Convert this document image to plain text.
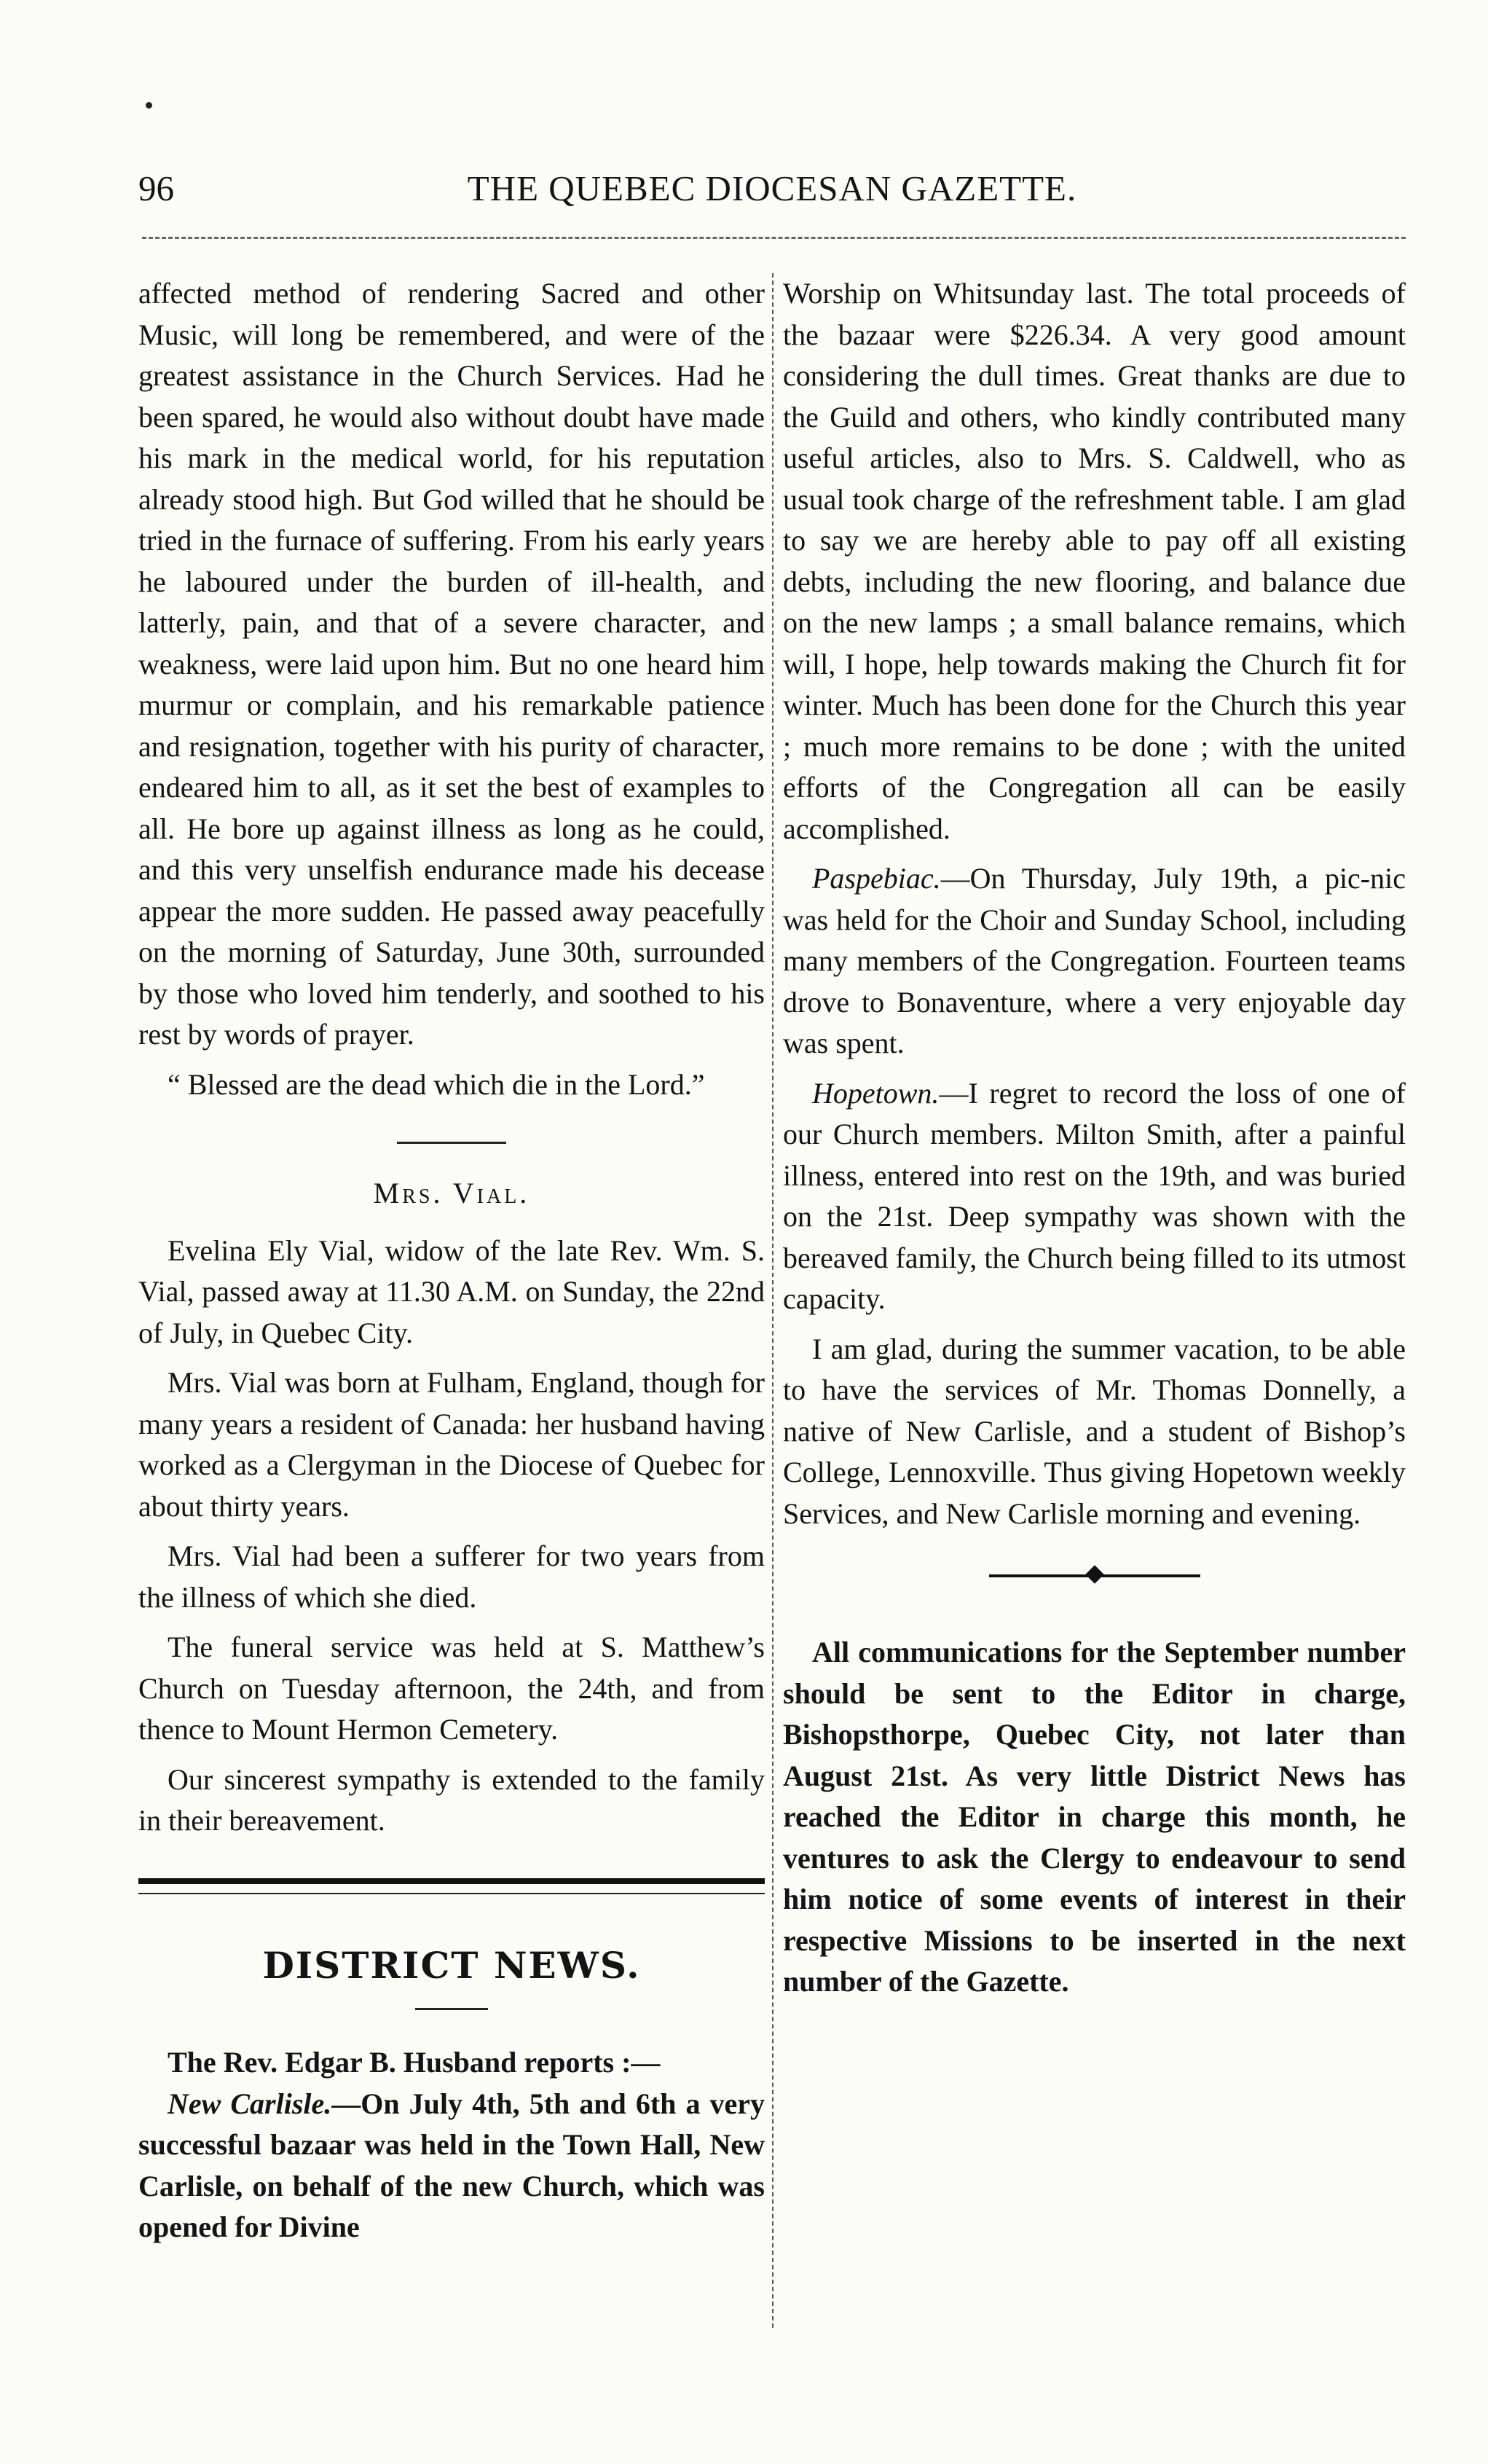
96	THE QUEBEC DIOCESAN GAZETTE.

affected method of rendering Sacred and other Music, will long be remembered, and were of the greatest assistance in the Church Services. Had he been spared, he would also without doubt have made his mark in the medical world, for his reputation already stood high. But God willed that he should be tried in the furnace of suffering. From his early years he laboured under the burden of ill-health, and latterly, pain, and that of a severe character, and weakness, were laid upon him. But no one heard him murmur or complain, and his remarkable patience and resignation, together with his purity of character, endeared him to all, as it set the best of examples to all. He bore up against illness as long as he could, and this very unselfish endurance made his decease appear the more sudden. He passed away peacefully on the morning of Saturday, June 30th, surrounded by those who loved him tenderly, and soothed to his rest by words of prayer.

“ Blessed are the dead which die in the Lord.”

Mrs. Vial.

Evelina Ely Vial, widow of the late Rev. Wm. S. Vial, passed away at 11.30 A.M. on Sunday, the 22nd of July, in Quebec City.

Mrs. Vial was born at Fulham, England, though for many years a resident of Canada: her husband having worked as a Clergyman in the Diocese of Quebec for about thirty years.

Mrs. Vial had been a sufferer for two years from the illness of which she died.

The funeral service was held at S. Matthew’s Church on Tuesday afternoon, the 24th, and from thence to Mount Hermon Cemetery.

Our sincerest sympathy is extended to the family in their bereavement.

DISTRICT NEWS.

The Rev. Edgar B. Husband reports :—

New Carlisle.—On July 4th, 5th and 6th a very successful bazaar was held in the Town Hall, New Carlisle, on behalf of the new Church, which was opened for Divine

Worship on Whitsunday last. The total proceeds of the bazaar were $226.34. A very good amount considering the dull times. Great thanks are due to the Guild and others, who kindly contributed many useful articles, also to Mrs. S. Caldwell, who as usual took charge of the refreshment table. I am glad to say we are hereby able to pay off all existing debts, including the new flooring, and balance due on the new lamps ; a small balance remains, which will, I hope, help towards making the Church fit for winter. Much has been done for the Church this year ; much more remains to be done ; with the united efforts of the Congregation all can be easily accomplished.

Paspebiac.—On Thursday, July 19th, a pic-nic was held for the Choir and Sunday School, including many members of the Congregation. Fourteen teams drove to Bonaventure, where a very enjoyable day was spent.

Hopetown.—I regret to record the loss of one of our Church members. Milton Smith, after a painful illness, entered into rest on the 19th, and was buried on the 21st. Deep sympathy was shown with the bereaved family, the Church being filled to its utmost capacity.

I am glad, during the summer vacation, to be able to have the services of Mr. Thomas Donnelly, a native of New Carlisle, and a student of Bishop’s College, Lennoxville. Thus giving Hopetown weekly Services, and New Carlisle morning and evening.

All communications for the September number should be sent to the Editor in charge, Bishopsthorpe, Quebec City, not later than August 21st. As very little District News has reached the Editor in charge this month, he ventures to ask the Clergy to endeavour to send him notice of some events of interest in their respective Missions to be inserted in the next number of the Gazette.
